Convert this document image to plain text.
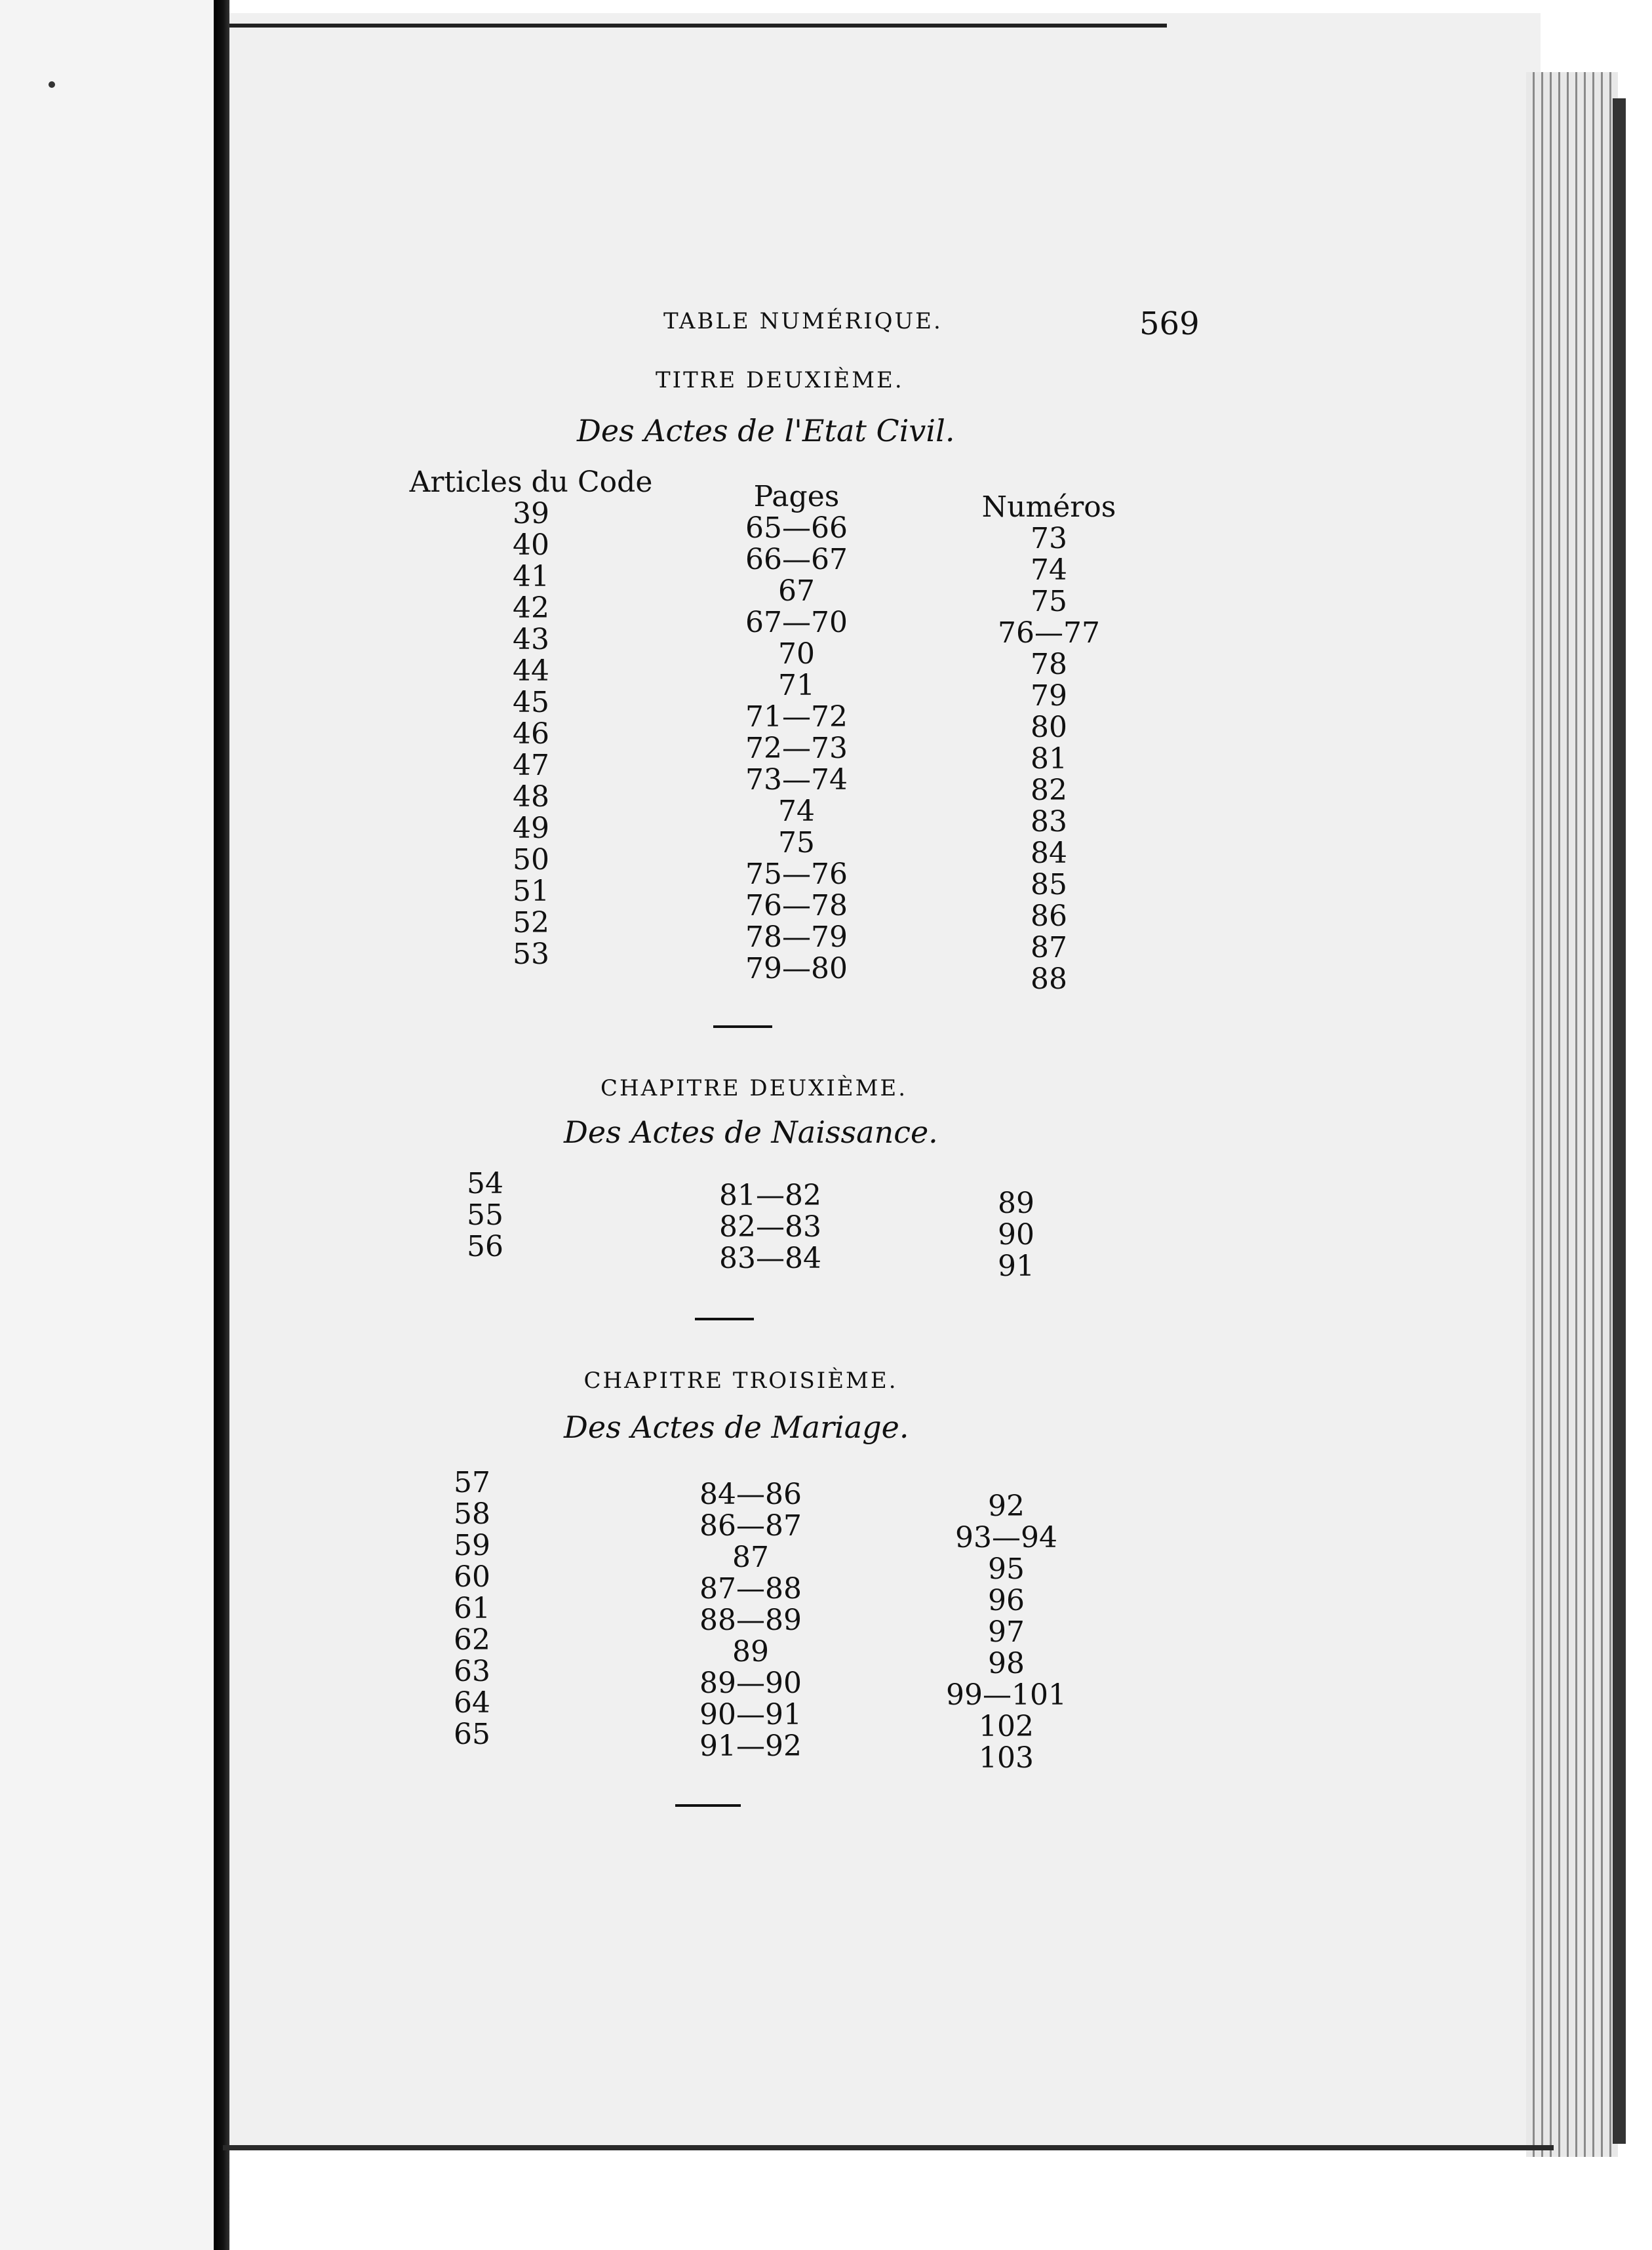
TABLE NUMÉRIQUE.	569
TITRE DEUXIÈME.
Des Actes de l'Etat Civil.
Articles du Code
39
40
41
42
43
44
45
46
47
48
49
50
51
52
53
Pages
65—66
66—67
67
67—70
70
71
71—72
72—73
73—74
74
75
75—76
76—78
78—79
79—80
Numéros
73
74
75
76—77
78
79
80
81
82
83
84
85
86
87
88
CHAPITRE DEUXIÈME.
Des Actes de Naissance.
54
55
56
81—82
82—83
83—84
89
90
91
CHAPITRE TROISIÈME.
Des Actes de Mariage.
57
58
59
60
61
62
63
64
65
84—86
86—87
87
87—88
88—89
89
89—90
90—91
91—92
92
93—94
95
96
97
98
99—101
102
103
